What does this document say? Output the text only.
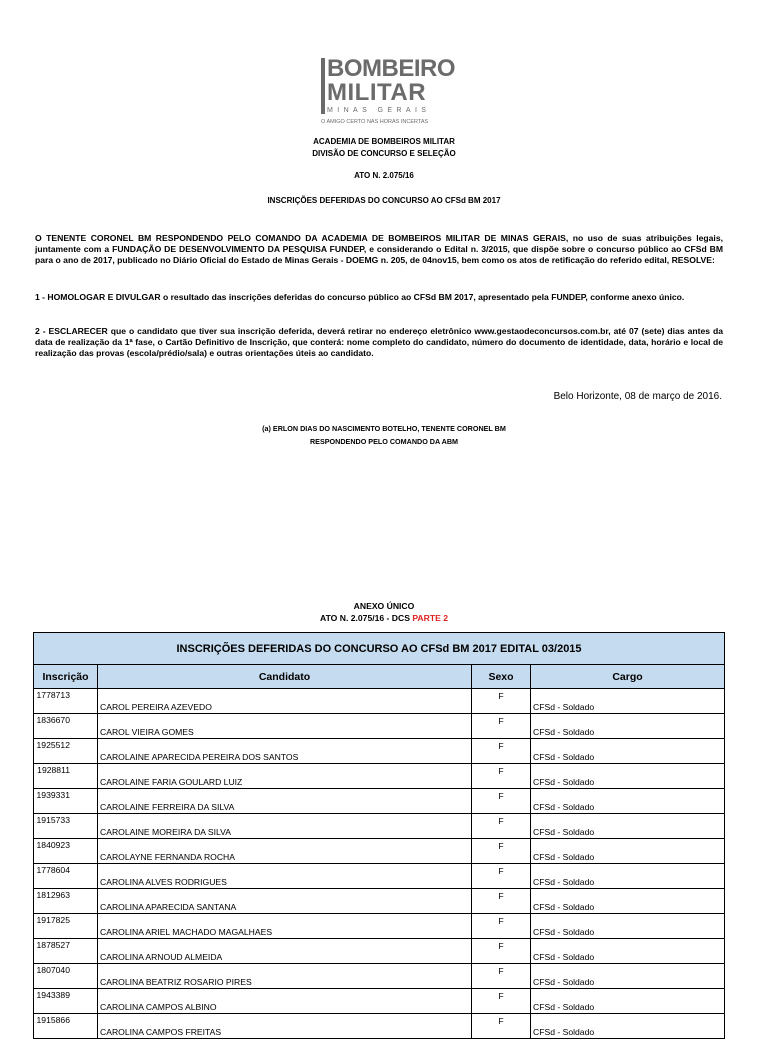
BOMBEIRO
MILITAR
MINAS GERAIS
O AMIGO CERTO NAS HORAS INCERTAS
ACADEMIA DE BOMBEIROS MILITAR
DIVISÃO DE CONCURSO E SELEÇÃO
ATO N. 2.075/16
INSCRIÇÕES DEFERIDAS DO CONCURSO AO CFSd BM 2017
O TENENTE CORONEL BM RESPONDENDO PELO COMANDO DA ACADEMIA DE BOMBEIROS MILITAR DE MINAS GERAIS, no uso de suas atribuições legais, juntamente com a FUNDAÇÃO DE DESENVOLVIMENTO DA PESQUISA FUNDEP, e considerando o Edital n. 3/2015, que dispõe sobre o concurso público ao CFSd BM para o ano de 2017, publicado no Diário Oficial do Estado de Minas Gerais - DOEMG n. 205, de 04nov15, bem como os atos de retificação do referido edital, RESOLVE:
1 - HOMOLOGAR E DIVULGAR o resultado das inscrições deferidas do concurso público ao CFSd BM 2017, apresentado pela FUNDEP, conforme anexo único.
2 - ESCLARECER que o candidato que tiver sua inscrição deferida, deverá retirar no endereço eletrônico www.gestaodeconcursos.com.br, até 07 (sete) dias antes da data de realização da 1ª fase, o Cartão Definitivo de Inscrição, que conterá: nome completo do candidato, número do documento de identidade, data, horário e local de realização das provas (escola/prédio/sala) e outras orientações úteis ao candidato.
Belo Horizonte, 08 de março de 2016.
(a) ERLON DIAS DO NASCIMENTO BOTELHO, TENENTE CORONEL BM
RESPONDENDO PELO COMANDO DA ABM
ANEXO ÚNICO
ATO N. 2.075/16 - DCS PARTE 2
INSCRIÇÕES DEFERIDAS DO CONCURSO AO CFSd BM 2017 EDITAL 03/2015			
Inscrição	Candidato	Sexo	Cargo
1778713	CAROL PEREIRA AZEVEDO	F	CFSd - Soldado
1836670	CAROL VIEIRA GOMES	F	CFSd - Soldado
1925512	CAROLAINE APARECIDA PEREIRA DOS SANTOS	F	CFSd - Soldado
1928811	CAROLAINE FARIA GOULARD LUIZ	F	CFSd - Soldado
1939331	CAROLAINE FERREIRA DA SILVA	F	CFSd - Soldado
1915733	CAROLAINE MOREIRA DA SILVA	F	CFSd - Soldado
1840923	CAROLAYNE FERNANDA ROCHA	F	CFSd - Soldado
1778604	CAROLINA ALVES RODRIGUES	F	CFSd - Soldado
1812963	CAROLINA APARECIDA SANTANA	F	CFSd - Soldado
1917825	CAROLINA ARIEL MACHADO MAGALHAES	F	CFSd - Soldado
1878527	CAROLINA ARNOUD ALMEIDA	F	CFSd - Soldado
1807040	CAROLINA BEATRIZ ROSARIO PIRES	F	CFSd - Soldado
1943389	CAROLINA CAMPOS ALBINO	F	CFSd - Soldado
1915866	CAROLINA CAMPOS FREITAS	F	CFSd - Soldado
